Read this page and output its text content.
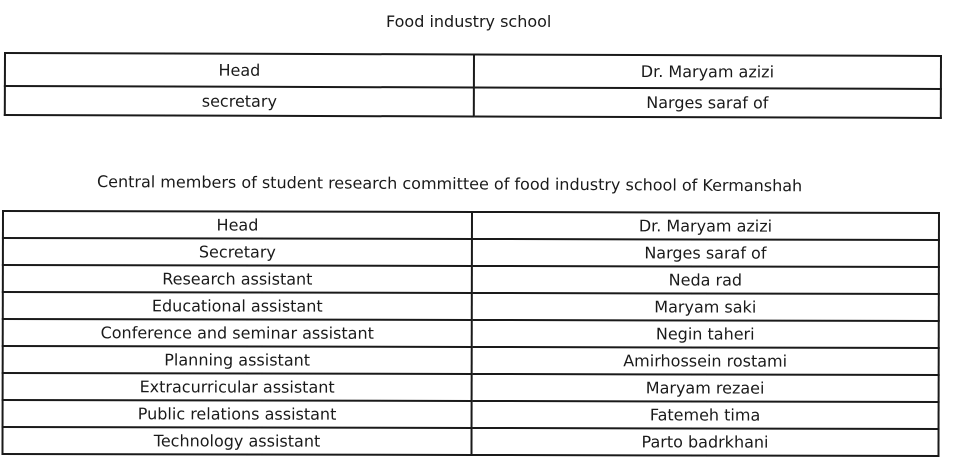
Food industry school
Head	Dr. Maryam azizi
secretary	Narges saraf of
Central members of student research committee of food industry school of Kermanshah
Head	Dr. Maryam azizi
Secretary	Narges saraf of
Research assistant	Neda rad
Educational assistant	Maryam saki
Conference and seminar assistant	Negin taheri
Planning assistant	Amirhossein rostami
Extracurricular assistant	Maryam rezaei
Public relations assistant	Fatemeh tima
Technology assistant	Parto badrkhani
